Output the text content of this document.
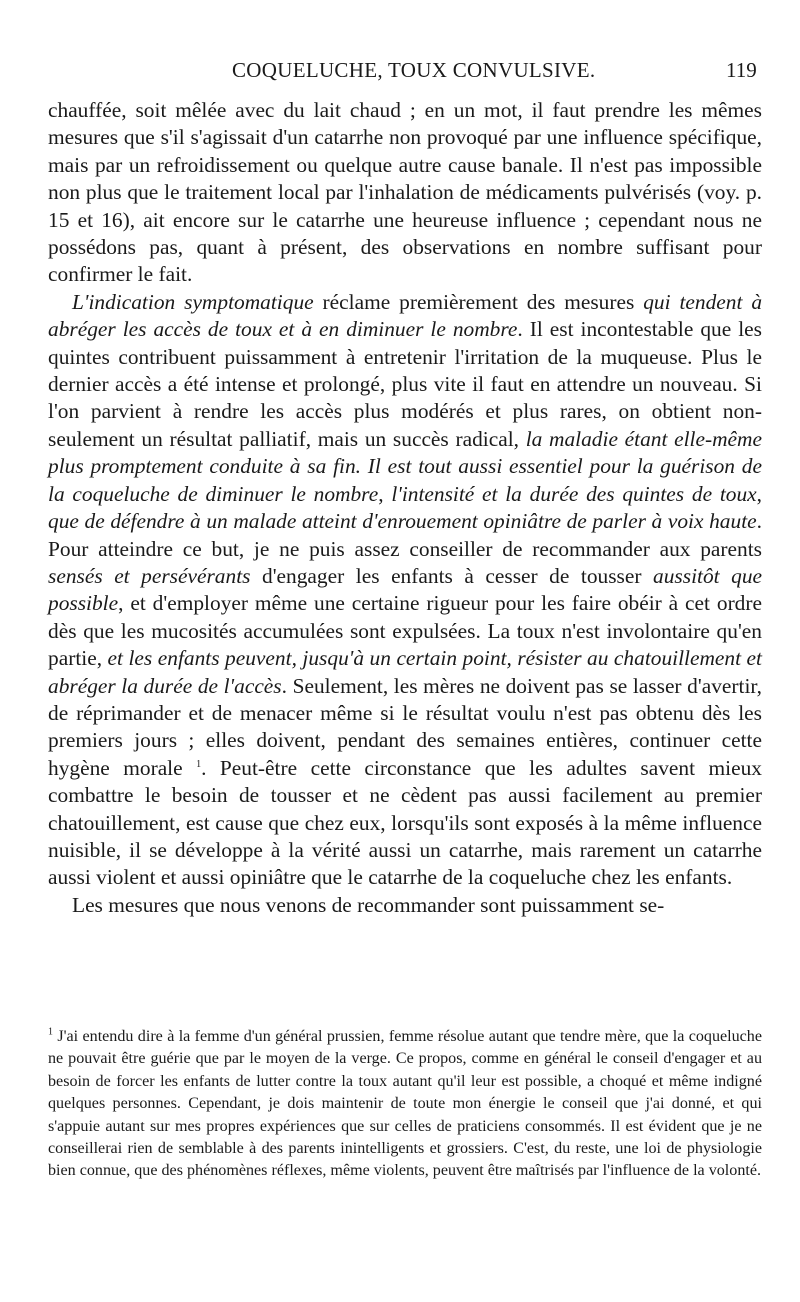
COQUELUCHE, TOUX CONVULSIVE.	119

chauffée, soit mêlée avec du lait chaud ; en un mot, il faut prendre les mêmes mesures que s'il s'agissait d'un catarrhe non provoqué par une influence spécifique, mais par un refroidissement ou quelque autre cause banale. Il n'est pas impossible non plus que le traitement local par l'inhalation de médicaments pulvérisés (voy. p. 15 et 16), ait encore sur le catarrhe une heureuse influence ; cependant nous ne possédons pas, quant à présent, des observations en nombre suffisant pour confirmer le fait.

L'indication symptomatique réclame premièrement des mesures qui tendent à abréger les accès de toux et à en diminuer le nombre. Il est incontestable que les quintes contribuent puissamment à entretenir l'irritation de la muqueuse. Plus le dernier accès a été intense et prolongé, plus vite il faut en attendre un nouveau. Si l'on parvient à rendre les accès plus modérés et plus rares, on obtient non-seulement un résultat palliatif, mais un succès radical, la maladie étant elle-même plus promptement conduite à sa fin. Il est tout aussi essentiel pour la guérison de la coqueluche de diminuer le nombre, l'intensité et la durée des quintes de toux, que de défendre à un malade atteint d'enrouement opiniâtre de parler à voix haute. Pour atteindre ce but, je ne puis assez conseiller de recommander aux parents sensés et persévérants d'engager les enfants à cesser de tousser aussitôt que possible, et d'employer même une certaine rigueur pour les faire obéir à cet ordre dès que les mucosités accumulées sont expulsées. La toux n'est involontaire qu'en partie, et les enfants peuvent, jusqu'à un certain point, résister au chatouillement et abréger la durée de l'accès. Seulement, les mères ne doivent pas se lasser d'avertir, de réprimander et de menacer même si le résultat voulu n'est pas obtenu dès les premiers jours ; elles doivent, pendant des semaines entières, continuer cette hygène morale $^1$. Peut-être cette circonstance que les adultes savent mieux combattre le besoin de tousser et ne cèdent pas aussi facilement au premier chatouillement, est cause que chez eux, lorsqu'ils sont exposés à la même influence nuisible, il se développe à la vérité aussi un catarrhe, mais rarement un catarrhe aussi violent et aussi opiniâtre que le catarrhe de la coqueluche chez les enfants.

Les mesures que nous venons de recommander sont puissamment se-

$^1$ J'ai entendu dire à la femme d'un général prussien, femme résolue autant que tendre mère, que la coqueluche ne pouvait être guérie que par le moyen de la verge. Ce propos, comme en général le conseil d'engager et au besoin de forcer les enfants de lutter contre la toux autant qu'il leur est possible, a choqué et même indigné quelques personnes. Cependant, je dois maintenir de toute mon énergie le conseil que j'ai donné, et qui s'appuie autant sur mes propres expériences que sur celles de praticiens consommés. Il est évident que je ne conseillerai rien de semblable à des parents inintelligents et grossiers. C'est, du reste, une loi de physiologie bien connue, que des phénomènes réflexes, même violents, peuvent être maîtrisés par l'influence de la volonté.
